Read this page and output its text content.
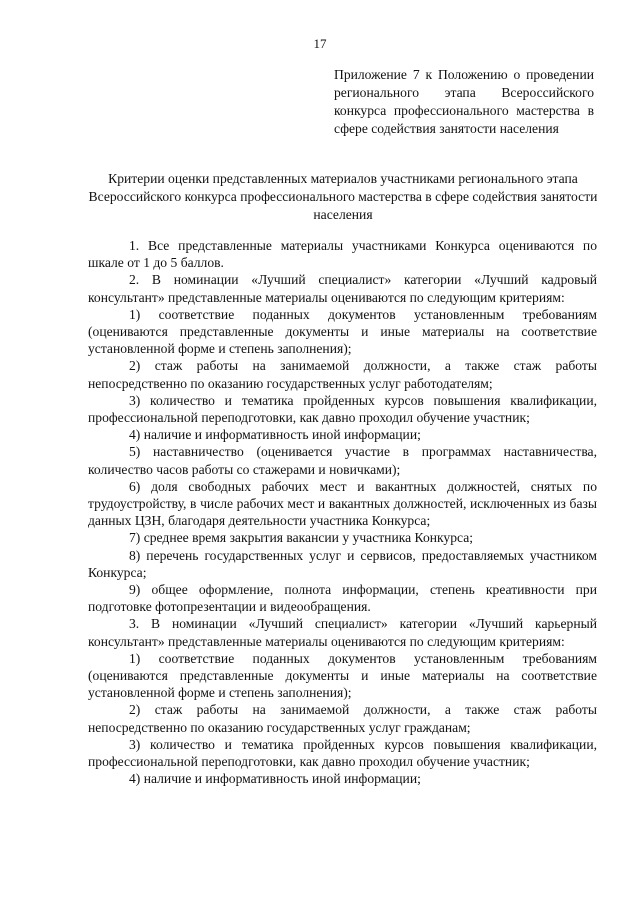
17
Приложение 7 к Положению о проведении регионального этапа Всероссийского конкурса профессионального мастерства в сфере содействия занятости населения
Критерии оценки представленных материалов участниками регионального этапа Всероссийского конкурса профессионального мастерства в сфере содействия занятости населения

1. Все представленные материалы участниками Конкурса оцениваются по шкале от 1 до 5 баллов.

2. В номинации «Лучший специалист» категории «Лучший кадровый консультант» представленные материалы оцениваются по следующим критериям:

1) соответствие поданных документов установленным требованиям (оцениваются представленные документы и иные материалы на соответствие установленной форме и степень заполнения);

2) стаж работы на занимаемой должности, а также стаж работы непосредственно по оказанию государственных услуг работодателям;

3) количество и тематика пройденных курсов повышения квалификации, профессиональной переподготовки, как давно проходил обучение участник;

4) наличие и информативность иной информации;

5) наставничество (оценивается участие в программах наставничества, количество часов работы со стажерами и новичками);

6) доля свободных рабочих мест и вакантных должностей, снятых по трудоустройству, в числе рабочих мест и вакантных должностей, исключенных из базы данных ЦЗН, благодаря деятельности участника Конкурса;

7) среднее время закрытия вакансии у участника Конкурса;

8) перечень государственных услуг и сервисов, предоставляемых участником Конкурса;

9) общее оформление, полнота информации, степень креативности при подготовке фотопрезентации и видеообращения.

3. В номинации «Лучший специалист» категории «Лучший карьерный консультант» представленные материалы оцениваются по следующим критериям:

1) соответствие поданных документов установленным требованиям (оцениваются представленные документы и иные материалы на соответствие установленной форме и степень заполнения);

2) стаж работы на занимаемой должности, а также стаж работы непосредственно по оказанию государственных услуг гражданам;

3) количество и тематика пройденных курсов повышения квалификации, профессиональной переподготовки, как давно проходил обучение участник;

4) наличие и информативность иной информации;
